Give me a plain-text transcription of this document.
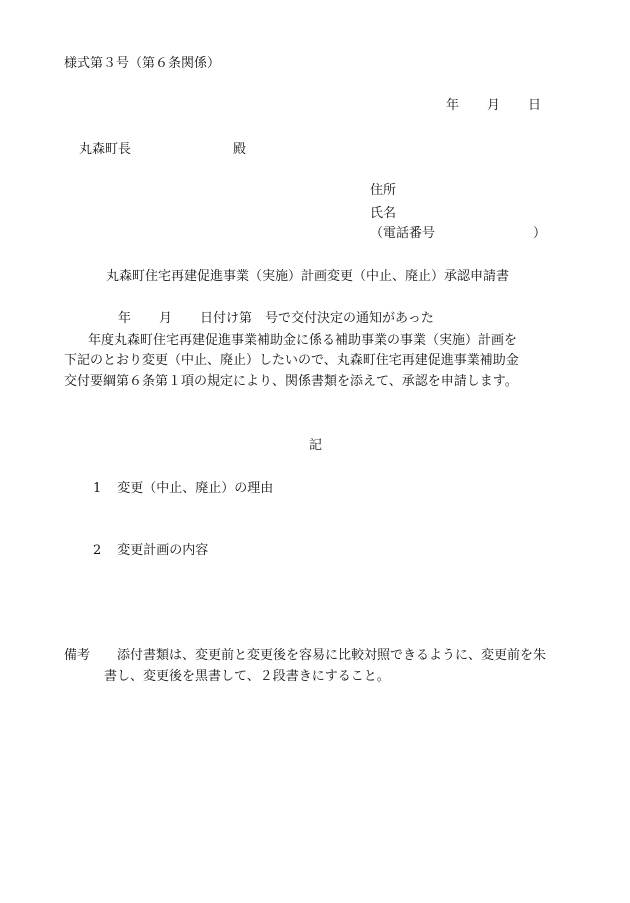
様式第３号（第６条関係）

年 月 日

丸森町長	殿

住所

氏名

（電話番号	）

丸森町住宅再建促進事業（実施）計画変更（中止、廃止）承認申請書

年 月 日付け第 号で交付決定の通知があった

年度丸森町住宅再建促進事業補助金に係る補助事業の事業（実施）計画を

下記のとおり変更（中止、廃止）したいので、丸森町住宅再建促進事業補助金

交付要綱第６条第１項の規定により、関係書類を添えて、承認を申請します。

記

1 変更（中止、廃止）の理由

2 変更計画の内容

備考 添付書類は、変更前と変更後を容易に比較対照できるように、変更前を朱

書し、変更後を黒書して、２段書きにすること。
